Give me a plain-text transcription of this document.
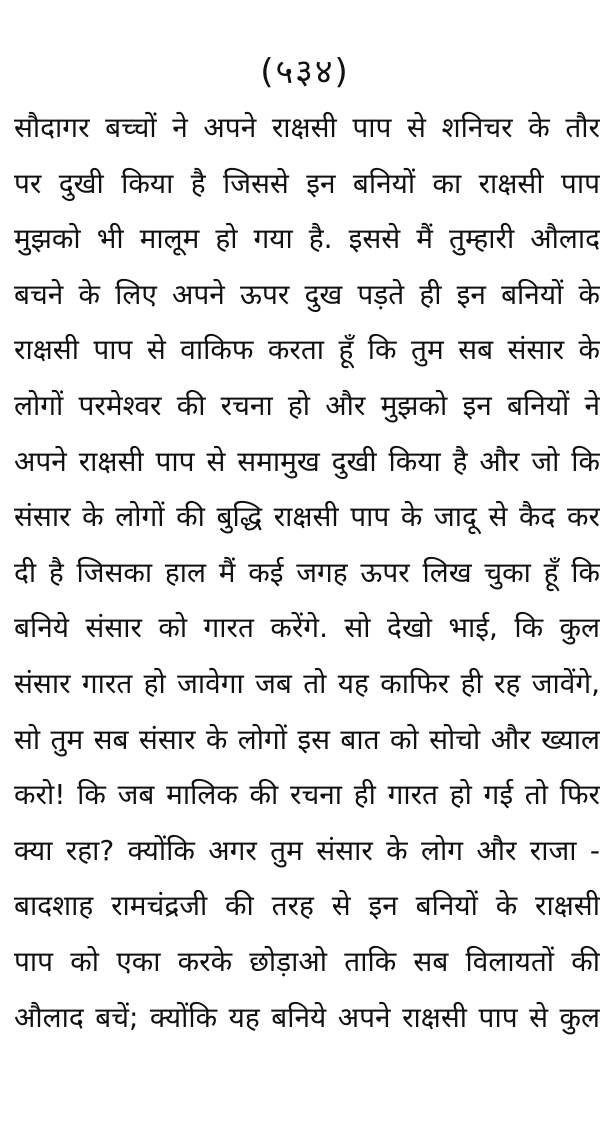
(५३४)
सौदागर बच्चों ने अपने राक्षसी पाप से शनिचर के तौर
पर दुखी किया है जिससे इन बनियों का राक्षसी पाप
मुझको भी मालूम हो गया है. इससे मैं तुम्हारी औलाद
बचने के लिए अपने ऊपर दुख पड़ते ही इन बनियों के
राक्षसी पाप से वाकिफ करता हूँ कि तुम सब संसार के
लोगों परमेश्वर की रचना हो और मुझको इन बनियों ने
अपने राक्षसी पाप से समामुख दुखी किया है और जो कि
संसार के लोगों की बुद्धि राक्षसी पाप के जादू से कैद कर
दी है जिसका हाल मैं कई जगह ऊपर लिख चुका हूँ कि
बनिये संसार को गारत करेंगे. सो देखो भाई, कि कुल
संसार गारत हो जावेगा जब तो यह काफिर ही रह जावेंगे,
सो तुम सब संसार के लोगों इस बात को सोचो और ख्याल
करो! कि जब मालिक की रचना ही गारत हो गई तो फिर
क्या रहा? क्योंकि अगर तुम संसार के लोग और राजा -
बादशाह रामचंद्रजी की तरह से इन बनियों के राक्षसी
पाप को एका करके छोड़ाओ ताकि सब विलायतों की
औलाद बचें; क्योंकि यह बनिये अपने राक्षसी पाप से कुल
